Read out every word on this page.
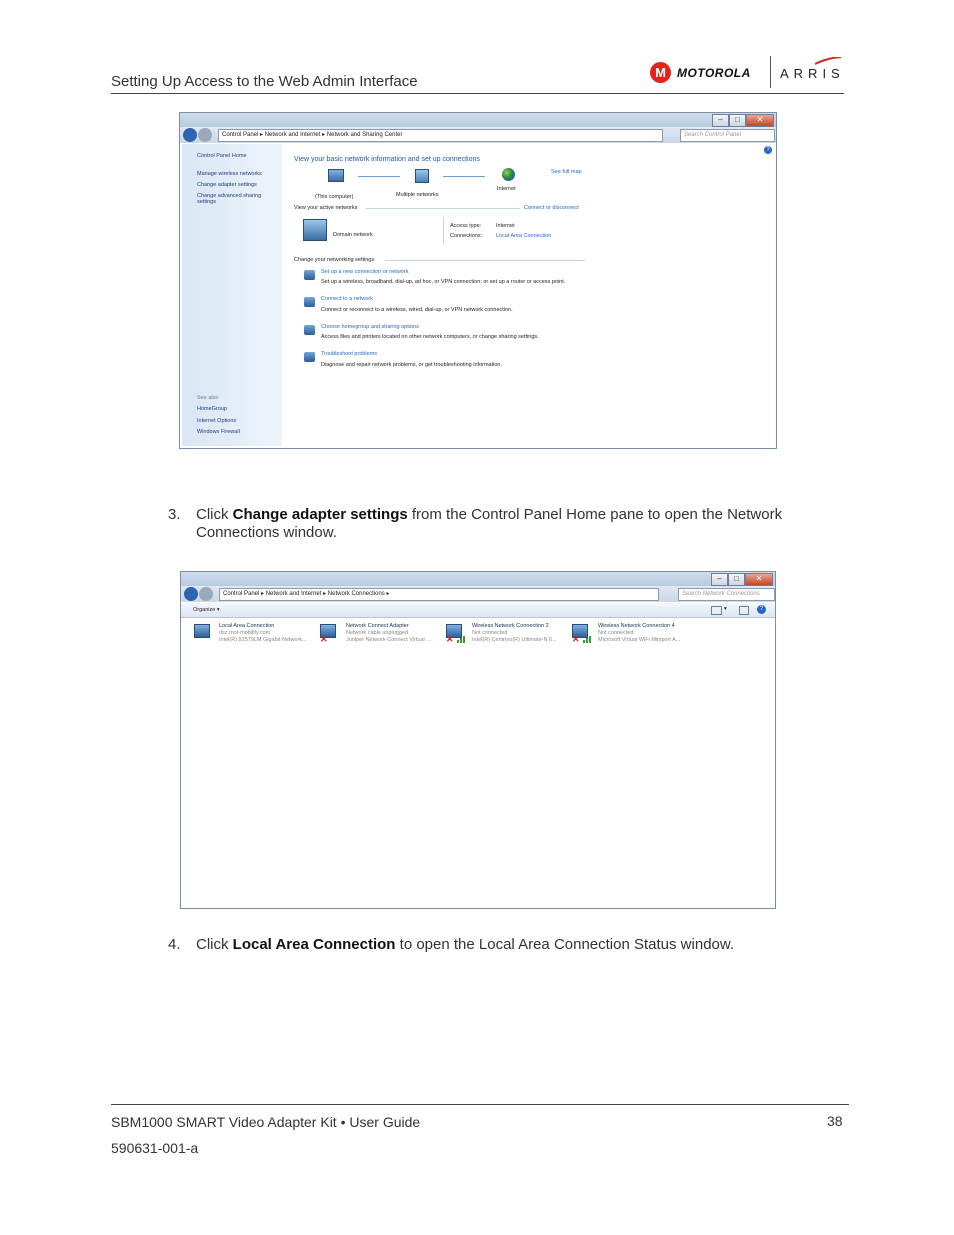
Setting Up Access to the Web Admin Interface
M MOTOROLA ARRIS
–	□	✕
Control Panel ▸ Network and Internet ▸ Network and Sharing Center	Search Control Panel
Control Panel Home
Manage wireless networks
Change adapter settings
Change advanced sharing settings
See also
HomeGroup
Internet Options
Windows Firewall
?
View your basic network information and set up connections
See full map
(This computer)	Multiple networks
Internet
View your active networks	Connect or disconnect
Domain network
Access type:	Internet
Connections:	Local Area Connection
Change your networking settings
Set up a new connection or network
Set up a wireless, broadband, dial-up, ad hoc, or VPN connection; or set up a router or access point.
Connect to a network
Connect or reconnect to a wireless, wired, dial-up, or VPN network connection.
Choose homegroup and sharing options
Access files and printers located on other network computers, or change sharing settings.
Troubleshoot problems
Diagnose and repair network problems, or get troubleshooting information.
3. Click Change adapter settings from the Control Panel Home pane to open the Network
Connections window.
–	□	✕
Control Panel ▸ Network and Internet ▸ Network Connections ▸	Search Network Connections
Organize ▾	▾	?
Local Area Connection
dsz.mot-mobility.com
Intel(R) 82579LM Gigabit Network... ✕
Network Connect Adapter
Network cable unplugged
Juniper Network Connect Virtual ... ✕
Wireless Network Connection 2
Not connected
Intel(R) Centrino(R) Ultimate-N 6... ✕
Wireless Network Connection 4
Not connected
Microsoft Virtual WiFi Miniport A...
4. Click Local Area Connection to open the Local Area Connection Status window.
SBM1000 SMART Video Adapter Kit • User Guide	38
590631-001-a
